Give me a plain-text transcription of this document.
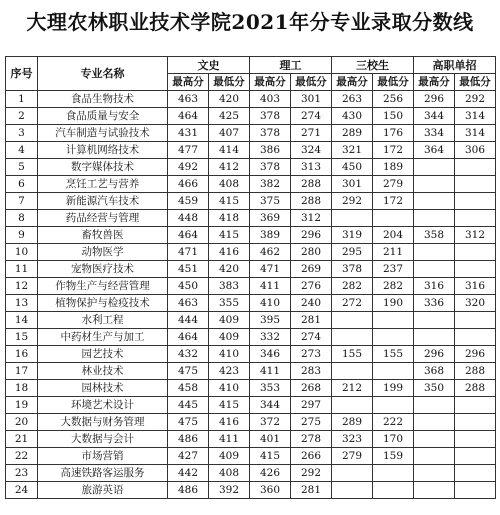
大理农林职业技术学院2021年分专业录取分数线
序号	专业名称	文史		理工		三校生		高职单招	
		最高分	最低分	最高分	最低分	最高分	最低分	最高分	最低分
1	食品生物技术	463	420	403	301	263	256	296	292
2	食品质量与安全	464	425	378	274	430	150	344	314
3	汽车制造与试验技术	431	407	378	271	289	176	334	314
4	计算机网络技术	477	414	386	324	321	172	364	306
5	数字媒体技术	492	412	378	313	450	189		
6	烹饪工艺与营养	466	408	382	288	301	279		
7	新能源汽车技术	459	415	375	288	292	172		
8	药品经营与管理	448	418	369	312				
9	畜牧兽医	464	415	389	296	319	204	358	312
10	动物医学	471	416	462	280	295	211		
11	宠物医疗技术	451	420	471	269	378	237		
12	作物生产与经营管理	450	383	411	276	282	282	316	316
13	植物保护与检疫技术	463	355	410	240	272	190	336	320
14	水利工程	444	409	395	281				
15	中药材生产与加工	464	409	332	274				
16	园艺技术	432	410	346	273	155	155	296	296
17	林业技术	475	423	411	283			368	288
18	园林技术	458	410	353	268	212	199	350	288
19	环境艺术设计	445	415	344	297				
20	大数据与财务管理	475	416	372	275	289	222		
21	大数据与会计	486	411	401	278	323	170		
22	市场营销	427	409	415	266	279	159		
23	高速铁路客运服务	442	408	426	292				
24	旅游英语	486	392	360	281				
